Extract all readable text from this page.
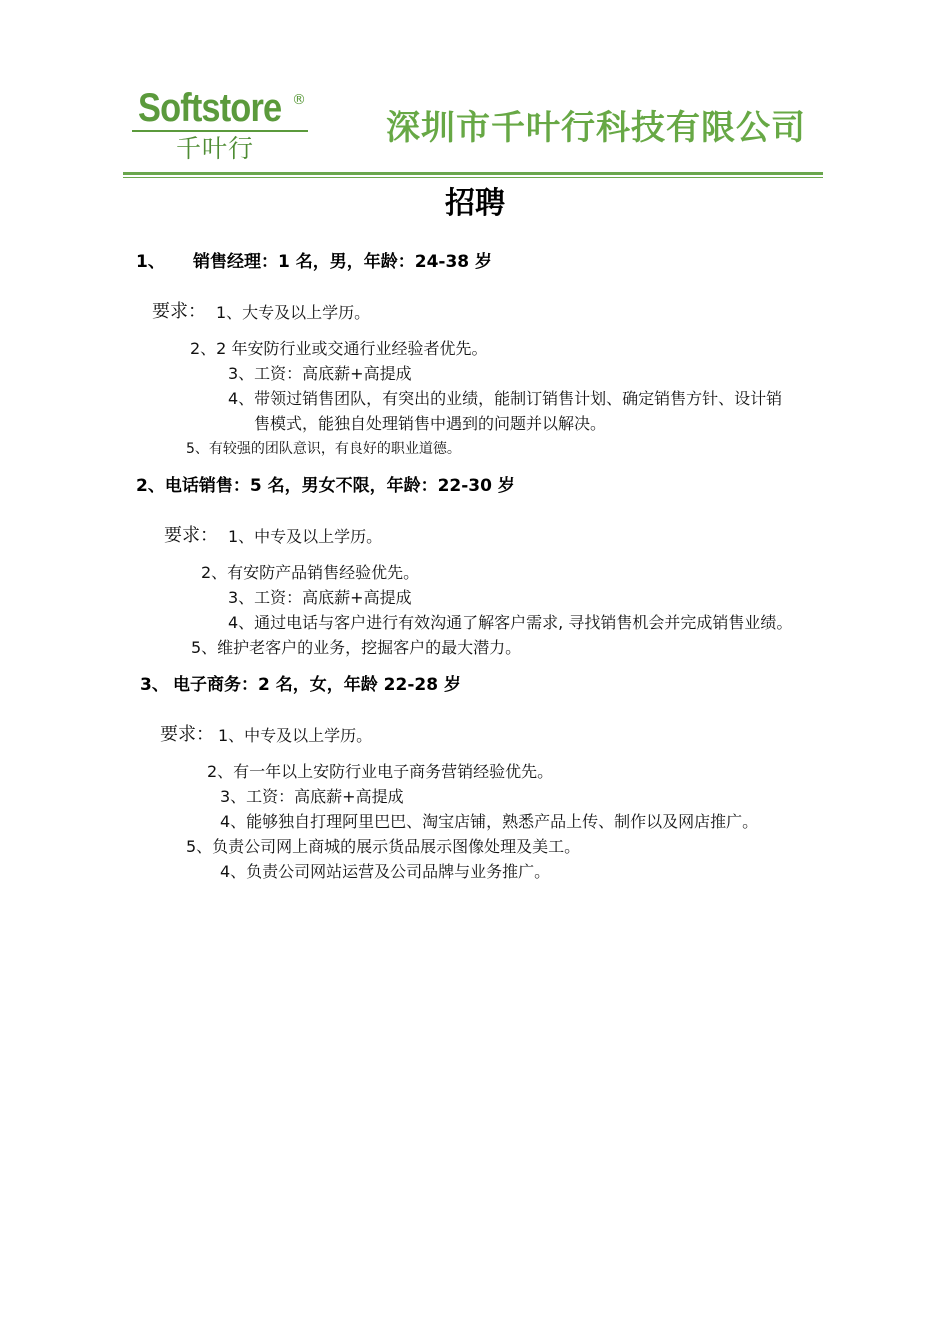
Softstore ®
千叶行
深圳市千叶行科技有限公司
招聘
1、 销售经理：1 名，男，年龄：24-38 岁
要求： 1、大专及以上学历。
2、2 年安防行业或交通行业经验者优先。
3、工资：高底薪+高提成
4、带领过销售团队，有突出的业绩，能制订销售计划、确定销售方针、设计销
售模式，能独自处理销售中遇到的问题并以解决。
5、有较强的团队意识，有良好的职业道德。
2、电话销售：5 名，男女不限，年龄：22-30 岁
要求： 1、中专及以上学历。
2、有安防产品销售经验优先。
3、工资：高底薪+高提成
4、通过电话与客户进行有效沟通了解客户需求, 寻找销售机会并完成销售业绩。
5、维护老客户的业务，挖掘客户的最大潜力。
3、 电子商务：2 名，女，年龄 22-28 岁
要求： 1、中专及以上学历。
2、有一年以上安防行业电子商务营销经验优先。
3、工资：高底薪+高提成
4、能够独自打理阿里巴巴、淘宝店铺，熟悉产品上传、制作以及网店推广。
5、负责公司网上商城的展示货品展示图像处理及美工。
4、负责公司网站运营及公司品牌与业务推广。
